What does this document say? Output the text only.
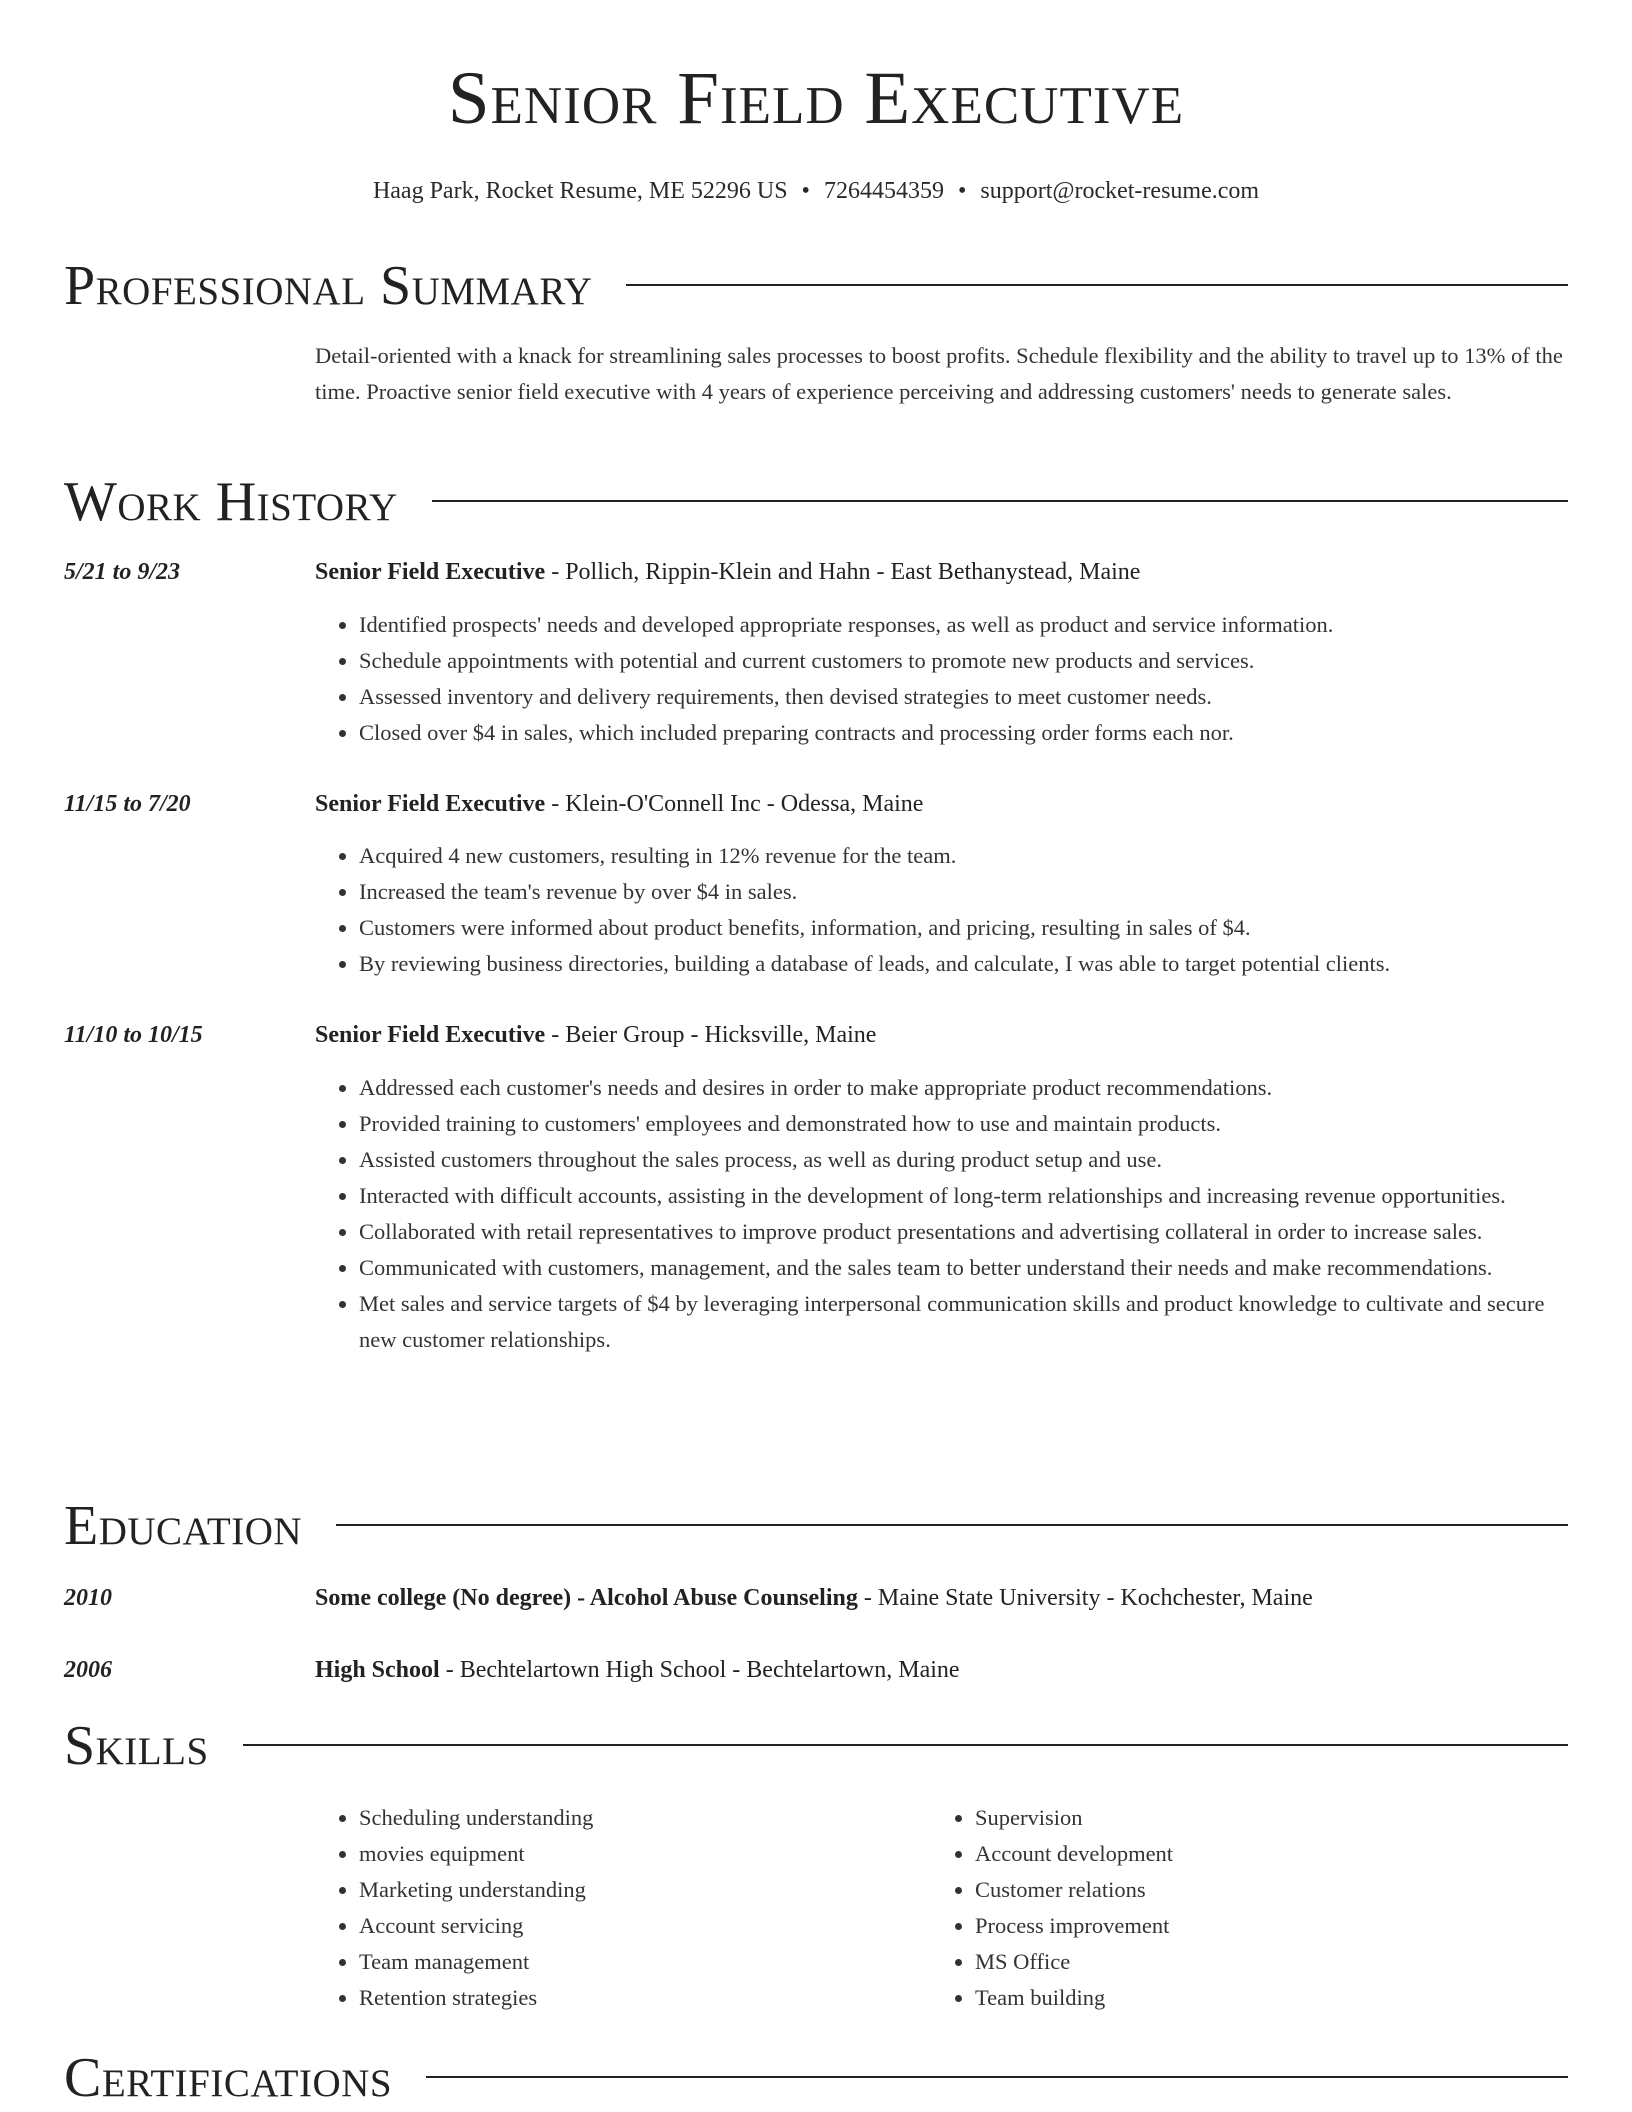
Senior Field Executive
Haag Park, Rocket Resume, ME 52296 US • 7264454359 • support@rocket-resume.com
Professional Summary

Detail-oriented with a knack for streamlining sales processes to boost profits. Schedule flexibility and the ability to travel up to 13% of the time. Proactive senior field executive with 4 years of experience perceiving and addressing customers' needs to generate sales.

Work History
5/21 to 9/23	Senior Field Executive - Pollich, Rippin-Klein and Hahn - East Bethanystead, Maine
• Identified prospects' needs and developed appropriate responses, as well as product and service information.
• Schedule appointments with potential and current customers to promote new products and services.
• Assessed inventory and delivery requirements, then devised strategies to meet customer needs.
• Closed over $4 in sales, which included preparing contracts and processing order forms each nor.
11/15 to 7/20	Senior Field Executive - Klein-O'Connell Inc - Odessa, Maine
• Acquired 4 new customers, resulting in 12% revenue for the team.
• Increased the team's revenue by over $4 in sales.
• Customers were informed about product benefits, information, and pricing, resulting in sales of $4.
• By reviewing business directories, building a database of leads, and calculate, I was able to target potential clients.
11/10 to 10/15	Senior Field Executive - Beier Group - Hicksville, Maine
• Addressed each customer's needs and desires in order to make appropriate product recommendations.
• Provided training to customers' employees and demonstrated how to use and maintain products.
• Assisted customers throughout the sales process, as well as during product setup and use.
• Interacted with difficult accounts, assisting in the development of long-term relationships and increasing revenue opportunities.
• Collaborated with retail representatives to improve product presentations and advertising collateral in order to increase sales.
• Communicated with customers, management, and the sales team to better understand their needs and make recommendations.
• Met sales and service targets of $4 by leveraging interpersonal communication skills and product knowledge to cultivate and secure new customer relationships.
Education
2010	Some college (No degree) - Alcohol Abuse Counseling - Maine State University - Kochchester, Maine
2006	High School - Bechtelartown High School - Bechtelartown, Maine
Skills
• Scheduling understanding
• movies equipment
• Marketing understanding
• Account servicing
• Team management
• Retention strategies
• Supervision
• Account development
• Customer relations
• Process improvement
• MS Office
• Team building
Certifications
